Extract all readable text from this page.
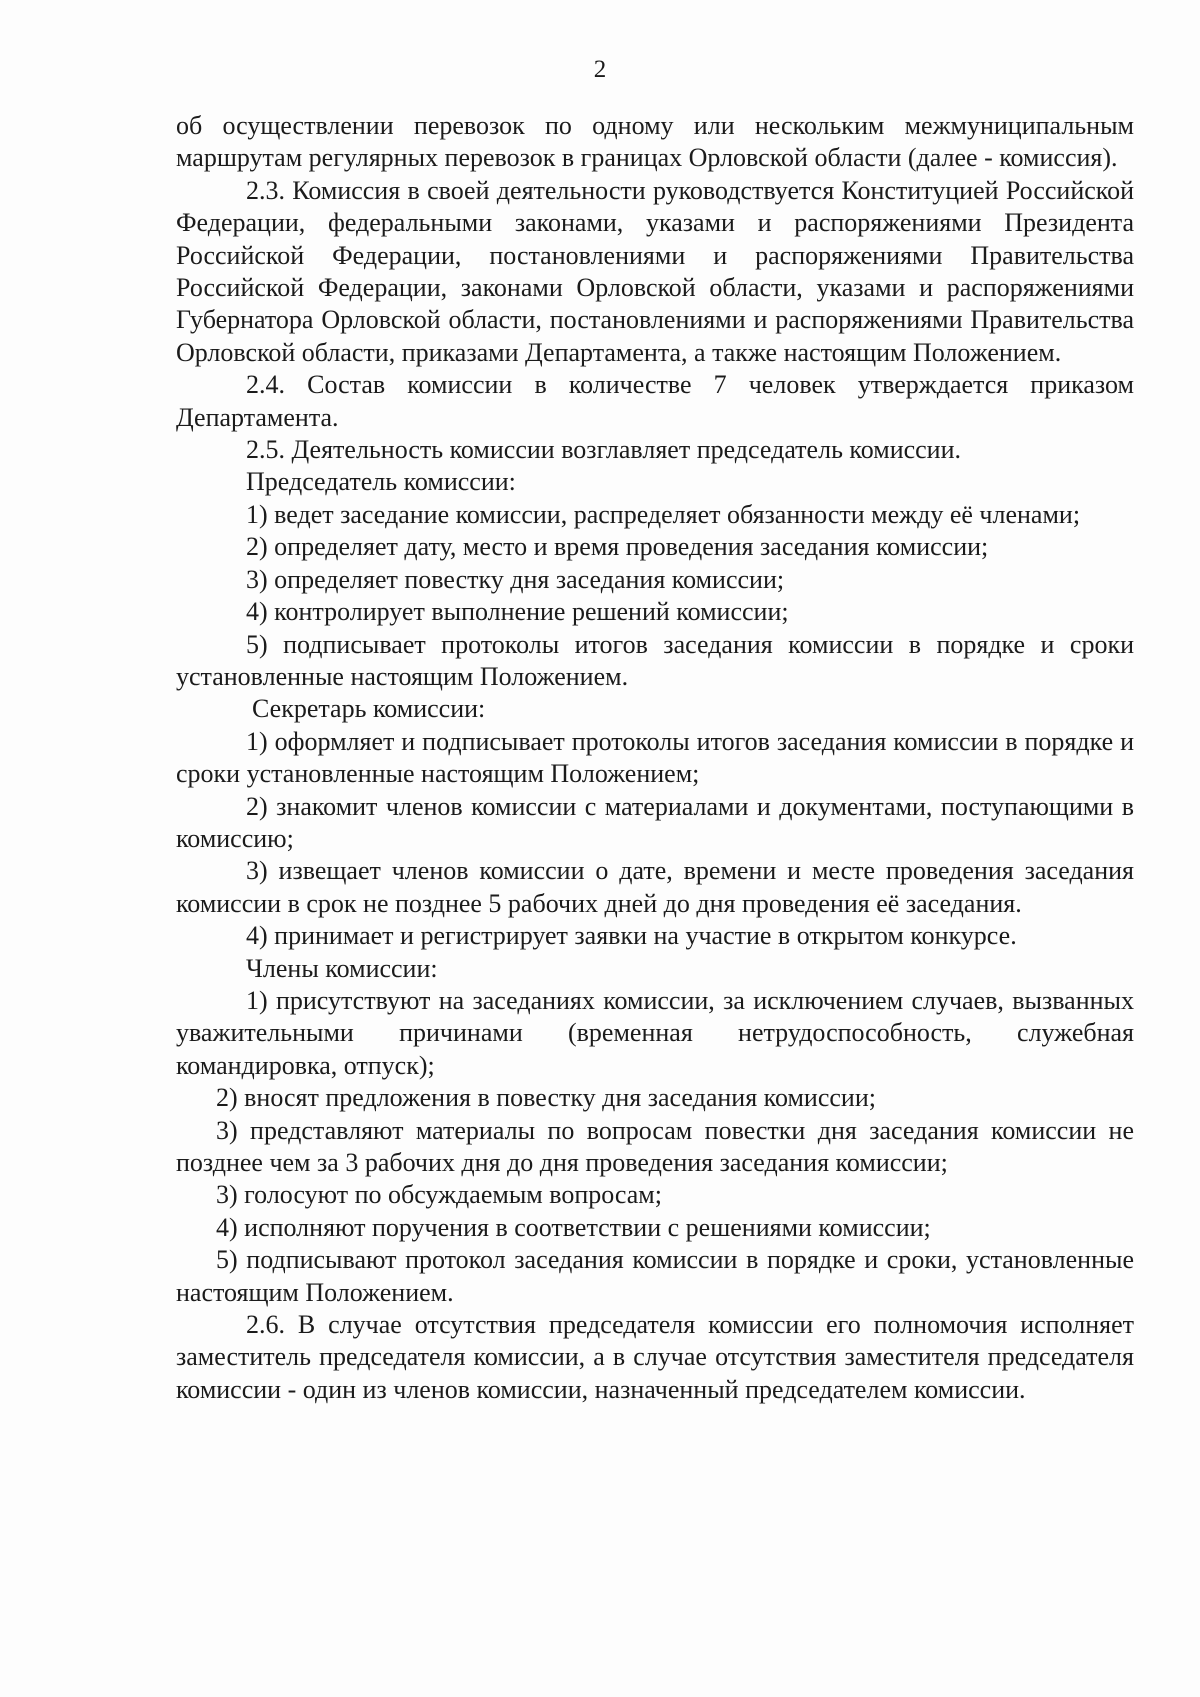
2

об осуществлении перевозок по одному или нескольким межмуниципальным маршрутам регулярных перевозок в границах Орловской области (далее - комиссия).

2.3. Комиссия в своей деятельности руководствуется Конституцией Российской Федерации, федеральными законами, указами и распоряжениями Президента Российской Федерации, постановлениями и распоряжениями Правительства Российской Федерации, законами Орловской области, указами и распоряжениями Губернатора Орловской области, постановлениями и распоряжениями Правительства Орловской области, приказами Департамента, а также настоящим Положением.

2.4. Состав комиссии в количестве 7 человек утверждается приказом Департамента.

2.5. Деятельность комиссии возглавляет председатель комиссии.

Председатель комиссии:

1) ведет заседание комиссии, распределяет обязанности между её членами;

2) определяет дату, место и время проведения заседания комиссии;

3) определяет повестку дня заседания комиссии;

4) контролирует выполнение решений комиссии;

5) подписывает протоколы итогов заседания комиссии в порядке и сроки установленные настоящим Положением.

Секретарь комиссии:

1) оформляет и подписывает протоколы итогов заседания комиссии в порядке и сроки установленные настоящим Положением;

2) знакомит членов комиссии с материалами и документами, поступающими в комиссию;

3) извещает членов комиссии о дате, времени и месте проведения заседания комиссии в срок не позднее 5 рабочих дней до дня проведения её заседания.

4) принимает и регистрирует заявки на участие в открытом конкурсе.

Члены комиссии:

1) присутствуют на заседаниях комиссии, за исключением случаев, вызванных уважительными причинами (временная нетрудоспособность, служебная командировка, отпуск);

2) вносят предложения в повестку дня заседания комиссии;

3) представляют материалы по вопросам повестки дня заседания комиссии не позднее чем за 3 рабочих дня до дня проведения заседания комиссии;

3) голосуют по обсуждаемым вопросам;

4) исполняют поручения в соответствии с решениями комиссии;

5) подписывают протокол заседания комиссии в порядке и сроки, установленные настоящим Положением.

2.6. В случае отсутствия председателя комиссии его полномочия исполняет заместитель председателя комиссии, а в случае отсутствия заместителя председателя комиссии - один из членов комиссии, назначенный председателем комиссии.
